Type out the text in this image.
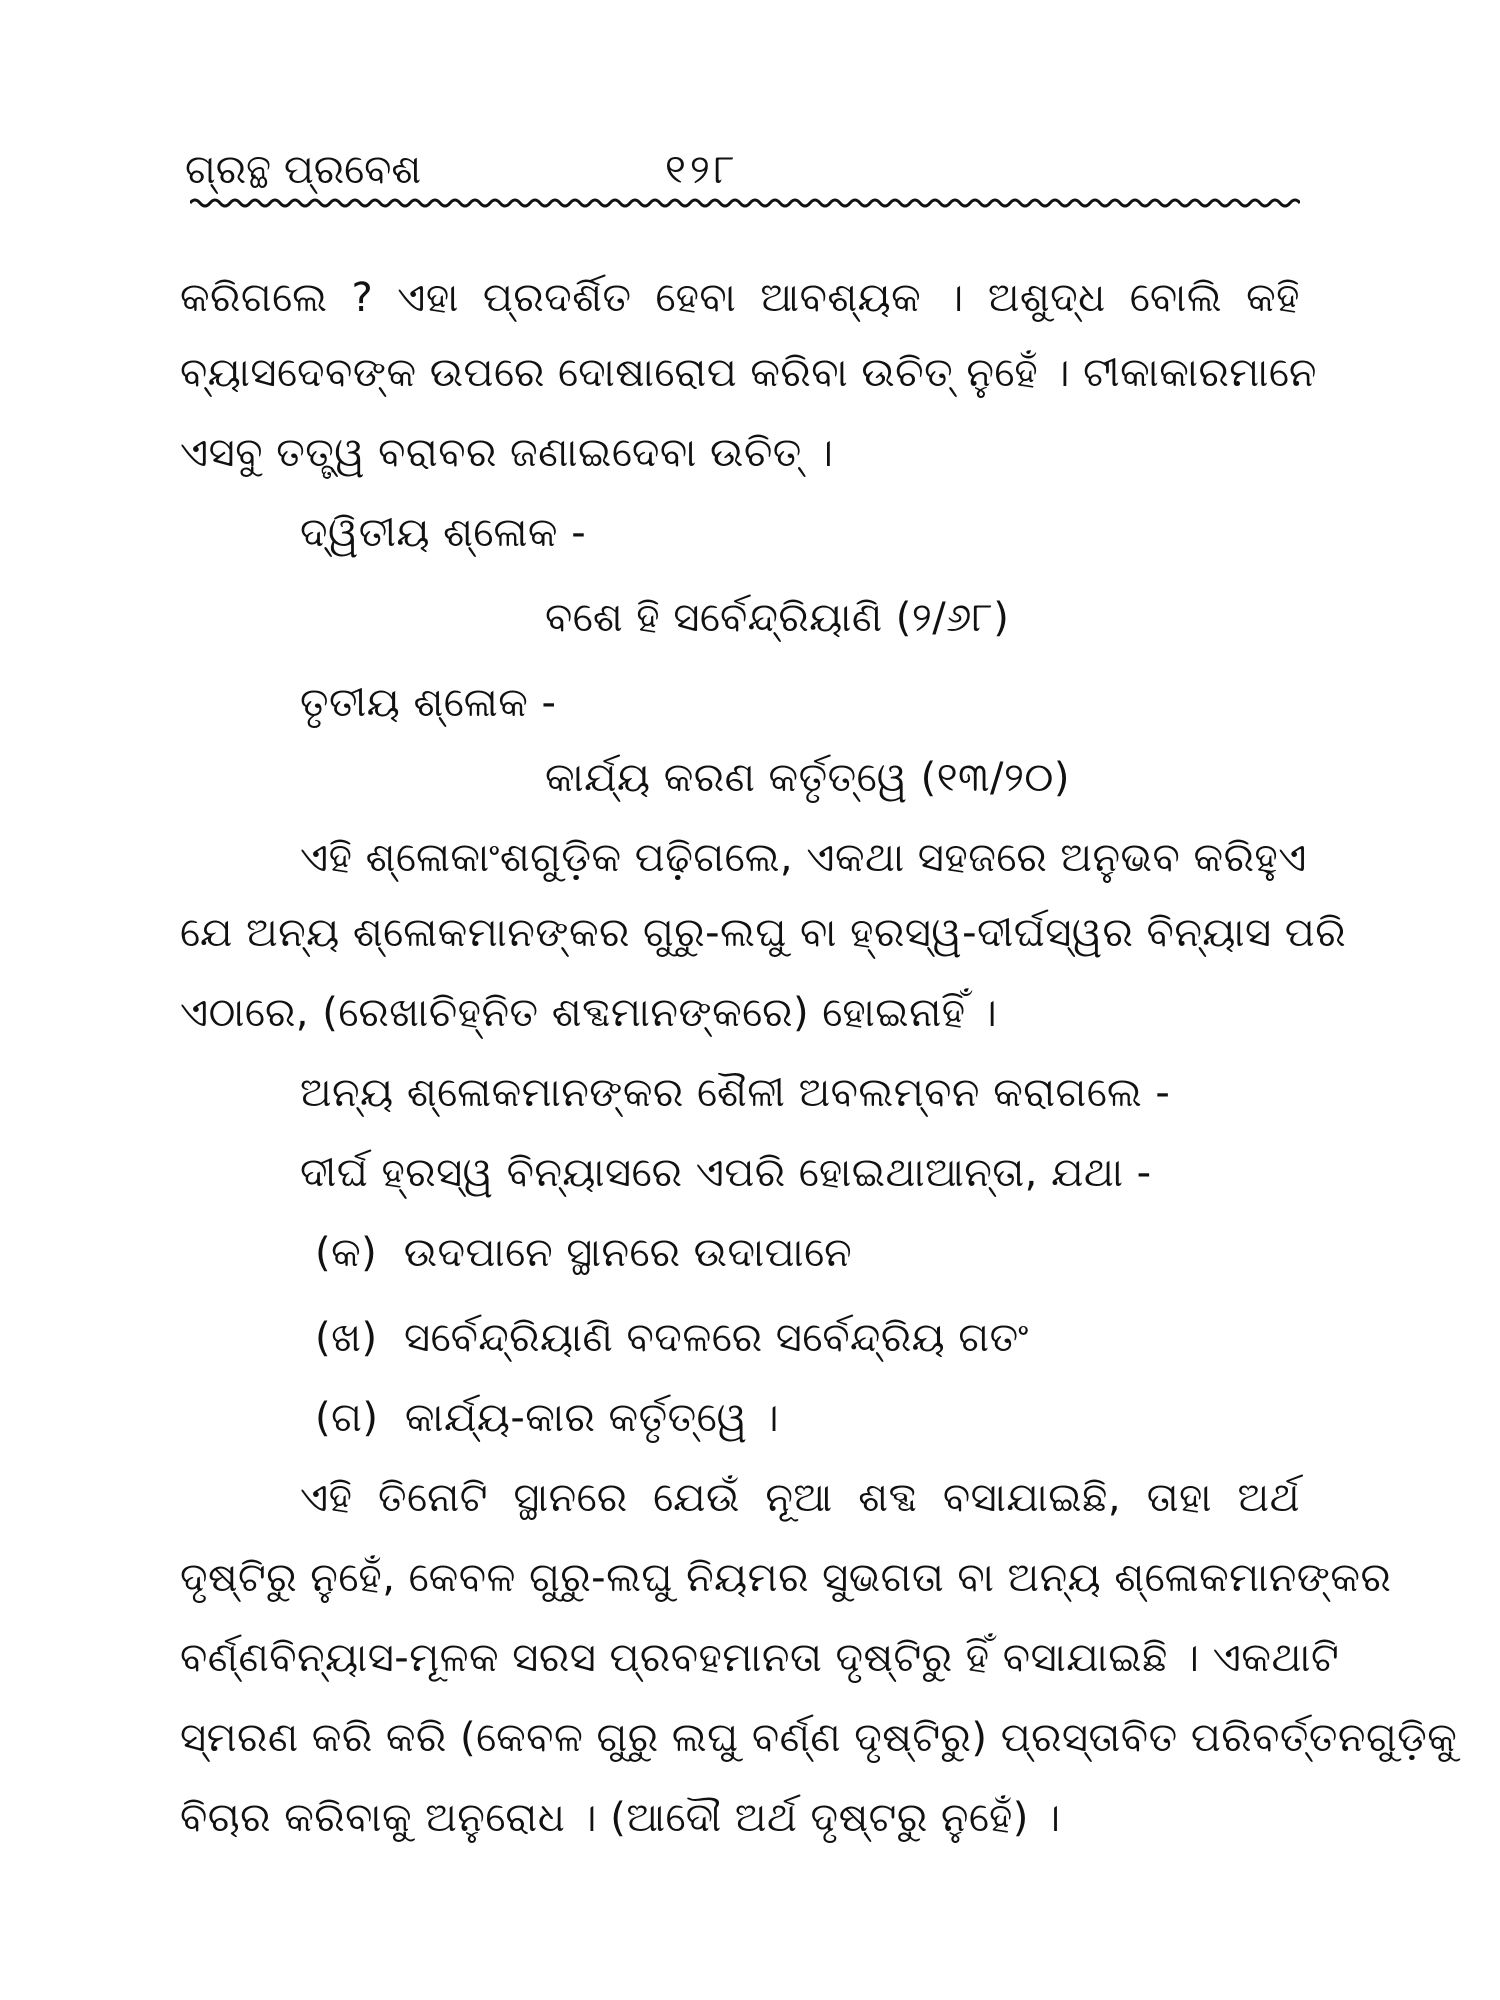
ଗ୍ରନ୍ଥ ପ୍ରବେଶ	୧୨୮
କରିଗଲେ ? ଏହା ପ୍ରଦର୍ଶିତ ହେବା ଆବଶ୍ୟକ । ଅଶୁଦ୍ଧ ବୋଲି କହି
ବ୍ୟାସଦେବଙ୍କ ଉପରେ ଦୋଷାରୋପ କରିବା ଉଚିତ୍ ନୁହେଁ । ଟୀକାକାରମାନେ
ଏସବୁ ତତ୍ତ୍ୱ ବରାବର ଜଣାଇଦେବା ଉଚିତ୍ ।
ଦ୍ୱିତୀୟ ଶ୍ଳୋକ -
ବଶେ ହି ସର୍ବେନ୍ଦ୍ରିୟାଣି (୨/୬୮)
ତୃତୀୟ ଶ୍ଳୋକ -
କାର୍ଯ୍ୟ କରଣ କର୍ତୃତ୍ୱେ (୧୩/୨୦)
ଏହି ଶ୍ଳୋକାଂଶଗୁଡ଼ିକ ପଢ଼ିଗଲେ, ଏକଥା ସହଜରେ ଅନୁଭବ କରିହୁଏ
ଯେ ଅନ୍ୟ ଶ୍ଳୋକମାନଙ୍କର ଗୁରୁ-ଲଘୁ ବା ହ୍ରସ୍ୱ-ଦୀର୍ଘସ୍ୱର ବିନ୍ୟାସ ପରି
ଏଠାରେ, (ରେଖାଚିହ୍ନିତ ଶବ୍ଦମାନଙ୍କରେ) ହୋଇନାହିଁ ।
ଅନ୍ୟ ଶ୍ଳୋକମାନଙ୍କର ଶୈଳୀ ଅବଲମ୍ବନ କରାଗଲେ -
ଦୀର୍ଘ ହ୍ରସ୍ୱ ବିନ୍ୟାସରେ ଏପରି ହୋଇଥାଆନ୍ତା, ଯଥା -
(କ)  ଉଦପାନେ ସ୍ଥାନରେ ଉଦାପାନେ
(ଖ)  ସର୍ବେନ୍ଦ୍ରିୟାଣି ବଦଳରେ ସର୍ବେନ୍ଦ୍ରିୟ ଗତଂ
(ଗ)  କାର୍ଯ୍ୟ-କାର କର୍ତୃତ୍ୱେ ।
ଏହି ତିନୋଟି ସ୍ଥାନରେ ଯେଉଁ ନୂଆ ଶବ୍ଦ ବସାଯାଇଛି, ତାହା ଅର୍ଥ
ଦୃଷ୍ଟିରୁ ନୁହେଁ, କେବଳ ଗୁରୁ-ଲଘୁ ନିୟମର ସୁଭଗତା ବା ଅନ୍ୟ ଶ୍ଳୋକମାନଙ୍କର
ବର୍ଣ୍ଣବିନ୍ୟାସ-ମୂଳକ ସରସ ପ୍ରବହମାନତା ଦୃଷ୍ଟିରୁ ହିଁ ବସାଯାଇଛି । ଏକଥାଟି
ସ୍ମରଣ କରି କରି (କେବଳ ଗୁରୁ ଲଘୁ ବର୍ଣ୍ଣ ଦୃଷ୍ଟିରୁ) ପ୍ରସ୍ତାବିତ ପରିବର୍ତ୍ତନଗୁଡ଼ିକୁ
ବିଚାର କରିବାକୁ ଅନୁରୋଧ । (ଆଦୌ ଅର୍ଥ ଦୃଷ୍ଟରୁ ନୁହେଁ) ।
